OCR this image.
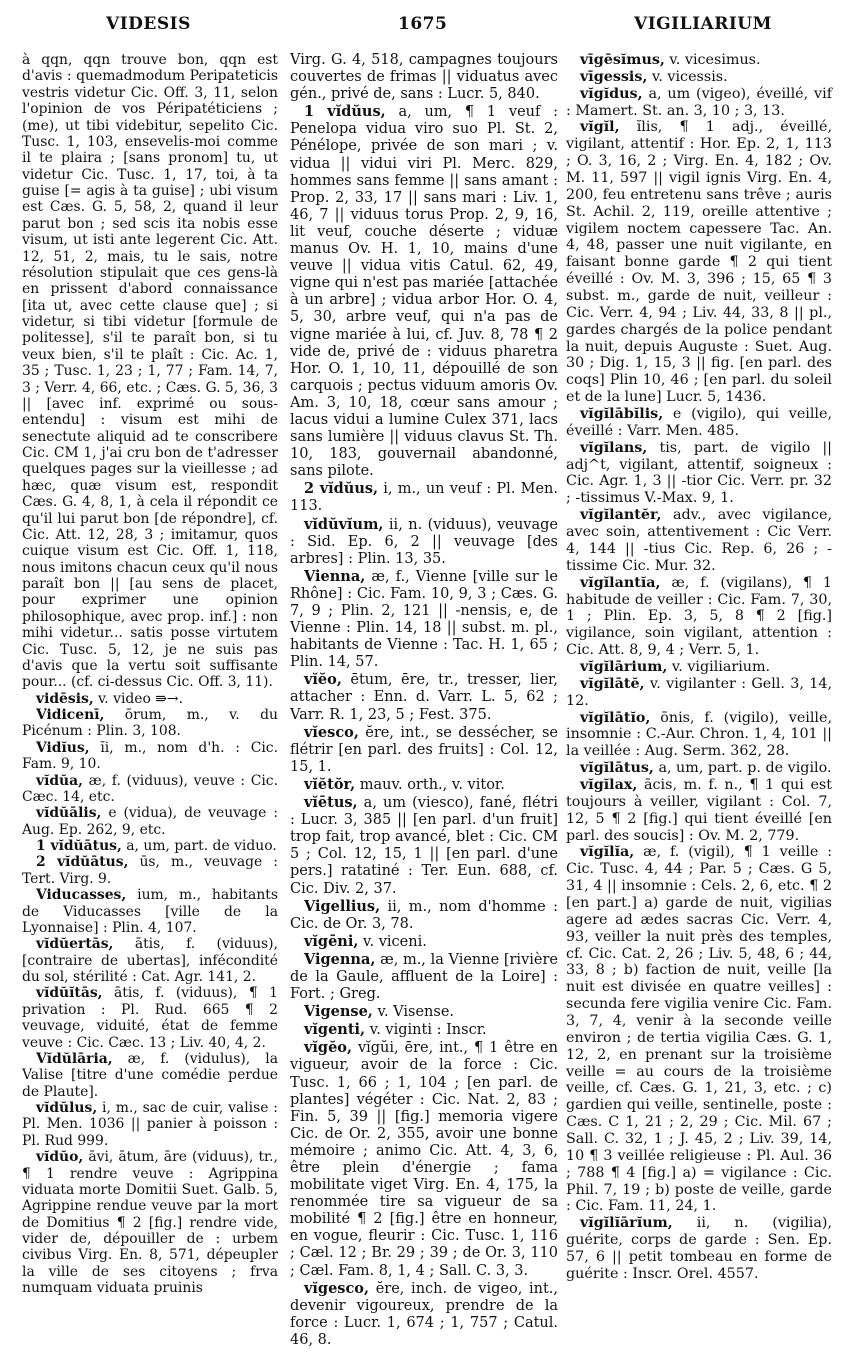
VIDESIS	1675	VIGILIARIUM

à qqn, qqn trouve bon, qqn est d'avis : quemadmodum Peripateticis vestris videtur Cic. Off. 3, 11, selon l'opinion de vos Péripatéticiens ; (me), ut tibi videbitur, sepelito Cic. Tusc. 1, 103, ensevelis-moi comme il te plaira ; [sans pronom] tu, ut videtur Cic. Tusc. 1, 17, toi, à ta guise [= agis à ta guise] ; ubi visum est Cæs. G. 5, 58, 2, quand il leur parut bon ; sed scis ita nobis esse visum, ut isti ante legerent Cic. Att. 12, 51, 2, mais, tu le sais, notre résolution stipulait que ces gens-là en prissent d'abord connaissance [ita ut, avec cette clause que] ; si videtur, si tibi videtur [formule de politesse], s'il te paraît bon, si tu veux bien, s'il te plaît : Cic. Ac. 1, 35 ; Tusc. 1, 23 ; 1, 77 ; Fam. 14, 7, 3 ; Verr. 4, 66, etc. ; Cæs. G. 5, 36, 3 || [avec inf. exprimé ou sous-entendu] : visum est mihi de senectute aliquid ad te conscribere Cic. CM 1, j'ai cru bon de t'adresser quelques pages sur la vieillesse ; ad hæc, quæ visum est, respondit Cæs. G. 4, 8, 1, à cela il répondit ce qu'il lui parut bon [de répondre], cf. Cic. Att. 12, 28, 3 ; imitamur, quos cuique visum est Cic. Off. 1, 118, nous imitons chacun ceux qu'il nous paraît bon || [au sens de placet, pour exprimer une opinion philosophique, avec prop. inf.] : non mihi videtur... satis posse virtutem Cic. Tusc. 5, 12, je ne suis pas d'avis que la vertu soit suffisante pour... (cf. ci-dessus Cic. Off. 3, 11).

vidēsis, v. video ⇛→.

Vidicenī, ōrum, m., v. du Picénum : Plin. 3, 108.

Vidĭus, ĭi, m., nom d'h. : Cic. Fam. 9, 10.

vĭdŭa, æ, f. (viduus), veuve : Cic. Cæc. 14, etc.

vĭdŭālis, e (vidua), de veuvage : Aug. Ep. 262, 9, etc.

1 vĭdŭātus, a, um, part. de viduo.

2 vĭdŭātus, ūs, m., veuvage : Tert. Virg. 9.

Viducasses, ium, m., habitants de Viducasses [ville de la Lyonnaise] : Plin. 4, 107.

vĭdŭertās, ātis, f. (viduus), [contraire de ubertas], infécondité du sol, stérilité : Cat. Agr. 141, 2.

vĭdŭĭtās, ātis, f. (viduus), ¶ 1 privation : Pl. Rud. 665 ¶ 2 veuvage, viduité, état de femme veuve : Cic. Cæc. 13 ; Liv. 40, 4, 2.

Vĭdŭlāria, æ, f. (vidulus), la Valise [titre d'une comédie perdue de Plaute].

vĭdŭlus, i, m., sac de cuir, valise : Pl. Men. 1036 || panier à poisson : Pl. Rud 999.

vĭdŭo, āvi, ātum, āre (viduus), tr., ¶ 1 rendre veuve : Agrippina viduata morte Domitii Suet. Galb. 5, Agrippine rendue veuve par la mort de Domitius ¶ 2 [fig.] rendre vide, vider de, dépouiller de : urbem civibus Virg. En. 8, 571, dépeupler la ville de ses citoyens ; frva numquam viduata pruinis

Virg. G. 4, 518, campagnes toujours couvertes de frimas || viduatus avec gén., privé de, sans : Lucr. 5, 840.

1 vĭdŭus, a, um, ¶ 1 veuf : Penelopa vidua viro suo Pl. St. 2, Pénélope, privée de son mari ; v. vidua || vidui viri Pl. Merc. 829, hommes sans femme || sans amant : Prop. 2, 33, 17 || sans mari : Liv. 1, 46, 7 || viduus torus Prop. 2, 9, 16, lit veuf, couche déserte ; viduæ manus Ov. H. 1, 10, mains d'une veuve || vidua vitis Catul. 62, 49, vigne qui n'est pas mariée [attachée à un arbre] ; vidua arbor Hor. O. 4, 5, 30, arbre veuf, qui n'a pas de vigne mariée à lui, cf. Juv. 8, 78 ¶ 2 vide de, privé de : viduus pharetra Hor. O. 1, 10, 11, dépouillé de son carquois ; pectus viduum amoris Ov. Am. 3, 10, 18, cœur sans amour ; lacus vidui a lumine Culex 371, lacs sans lumière || viduus clavus St. Th. 10, 183, gouvernail abandonné, sans pilote.

2 vĭdŭus, i, m., un veuf : Pl. Men. 113.

vĭdŭvĭum, ii, n. (viduus), veuvage : Sid. Ep. 6, 2 || veuvage [des arbres] : Plin. 13, 35.

Vienna, æ, f., Vienne [ville sur le Rhône] : Cic. Fam. 10, 9, 3 ; Cæs. G. 7, 9 ; Plin. 2, 121 || -nensis, e, de Vienne : Plin. 14, 18 || subst. m. pl., habitants de Vienne : Tac. H. 1, 65 ; Plin. 14, 57.

vĭĕo, ētum, ēre, tr., tresser, lier, attacher : Enn. d. Varr. L. 5, 62 ; Varr. R. 1, 23, 5 ; Fest. 375.

vĭesco, ĕre, int., se dessécher, se flétrir [en parl. des fruits] : Col. 12, 15, 1.

vĭĕtŏr, mauv. orth., v. vitor.

vĭētus, a, um (viesco), fané, flétri : Lucr. 3, 385 || [en parl. d'un fruit] trop fait, trop avancé, blet : Cic. CM 5 ; Col. 12, 15, 1 || [en parl. d'une pers.] ratatiné : Ter. Eun. 688, cf. Cic. Div. 2, 37.

Vigellius, ii, m., nom d'homme : Cic. de Or. 3, 78.

vĭgēni, v. viceni.

Vigenna, æ, m., la Vienne [rivière de la Gaule, affluent de la Loire] : Fort. ; Greg.

Vigense, v. Visense.

vĭgenti, v. viginti : Inscr.

vĭgĕo, vĭgŭi, ēre, int., ¶ 1 être en vigueur, avoir de la force : Cic. Tusc. 1, 66 ; 1, 104 ; [en parl. de plantes] végéter : Cic. Nat. 2, 83 ; Fin. 5, 39 || [fig.] memoria vigere Cic. de Or. 2, 355, avoir une bonne mémoire ; animo Cic. Att. 4, 3, 6, être plein d'énergie ; fama mobilitate viget Virg. En. 4, 175, la renommée tire sa vigueur de sa mobilité ¶ 2 [fig.] être en honneur, en vogue, fleurir : Cic. Tusc. 1, 116 ; Cæl. 12 ; Br. 29 ; 39 ; de Or. 3, 110 ; Cæl. Fam. 8, 1, 4 ; Sall. C. 3, 3.

vĭgesco, ĕre, inch. de vigeo, int., devenir vigoureux, prendre de la force : Lucr. 1, 674 ; 1, 757 ; Catul. 46, 8.

vīgēsĭmus, v. vicesimus.

vīgessis, v. vicessis.

vĭgĭdus, a, um (vigeo), éveillé, vif : Mamert. St. an. 3, 10 ; 3, 13.

vĭgĭl, ĭlis, ¶ 1 adj., éveillé, vigilant, attentif : Hor. Ep. 2, 1, 113 ; O. 3, 16, 2 ; Virg. En. 4, 182 ; Ov. M. 11, 597 || vigil ignis Virg. En. 4, 200, feu entretenu sans trêve ; auris St. Achil. 2, 119, oreille attentive ; vigilem noctem capessere Tac. An. 4, 48, passer une nuit vigilante, en faisant bonne garde ¶ 2 qui tient éveillé : Ov. M. 3, 396 ; 15, 65 ¶ 3 subst. m., garde de nuit, veilleur : Cic. Verr. 4, 94 ; Liv. 44, 33, 8 || pl., gardes chargés de la police pendant la nuit, depuis Auguste : Suet. Aug. 30 ; Dig. 1, 15, 3 || fig. [en parl. des coqs] Plin 10, 46 ; [en parl. du soleil et de la lune] Lucr. 5, 1436.

vĭgĭlābĭlis, e (vigilo), qui veille, éveillé : Varr. Men. 485.

vĭgĭlans, tis, part. de vigilo || adj^t, vigilant, attentif, soigneux : Cic. Agr. 1, 3 || -tior Cic. Verr. pr. 32 ; -tissimus V.-Max. 9, 1.

vĭgĭlantĕr, adv., avec vigilance, avec soin, attentivement : Cic Verr. 4, 144 || -tius Cic. Rep. 6, 26 ; -tissime Cic. Mur. 32.

vĭgĭlantĭa, æ, f. (vigilans), ¶ 1 habitude de veiller : Cic. Fam. 7, 30, 1 ; Plin. Ep. 3, 5, 8 ¶ 2 [fig.] vigilance, soin vigilant, attention : Cic. Att. 8, 9, 4 ; Verr. 5, 1.

vĭgĭlārium, v. vigiliarium.

vĭgĭlātĕ, v. vigilanter : Gell. 3, 14, 12.

vĭgĭlātĭo, ōnis, f. (vigilo), veille, insomnie : C.-Aur. Chron. 1, 4, 101 || la veillée : Aug. Serm. 362, 28.

vĭgĭlātus, a, um, part. p. de vigilo.

vĭgĭlax, ācis, m. f. n., ¶ 1 qui est toujours à veiller, vigilant : Col. 7, 12, 5 ¶ 2 [fig.] qui tient éveillé [en parl. des soucis] : Ov. M. 2, 779.

vĭgĭlĭa, æ, f. (vigil), ¶ 1 veille : Cic. Tusc. 4, 44 ; Par. 5 ; Cæs. G 5, 31, 4 || insomnie : Cels. 2, 6, etc. ¶ 2 [en part.] a) garde de nuit, vigilias agere ad ædes sacras Cic. Verr. 4, 93, veiller la nuit près des temples, cf. Cic. Cat. 2, 26 ; Liv. 5, 48, 6 ; 44, 33, 8 ; b) faction de nuit, veille [la nuit est divisée en quatre veilles] : secunda fere vigilia venire Cic. Fam. 3, 7, 4, venir à la seconde veille environ ; de tertia vigilia Cæs. G. 1, 12, 2, en prenant sur la troisième veille = au cours de la troisième veille, cf. Cæs. G. 1, 21, 3, etc. ; c) gardien qui veille, sentinelle, poste : Cæs. C 1, 21 ; 2, 29 ; Cic. Mil. 67 ; Sall. C. 32, 1 ; J. 45, 2 ; Liv. 39, 14, 10 ¶ 3 veillée religieuse : Pl. Aul. 36 ; 788 ¶ 4 [fig.] a) = vigilance : Cic. Phil. 7, 19 ; b) poste de veille, garde : Cic. Fam. 11, 24, 1.

vĭgĭlĭārĭum, ii, n. (vigilia), guérite, corps de garde : Sen. Ep. 57, 6 || petit tombeau en forme de guérite : Inscr. Orel. 4557.
